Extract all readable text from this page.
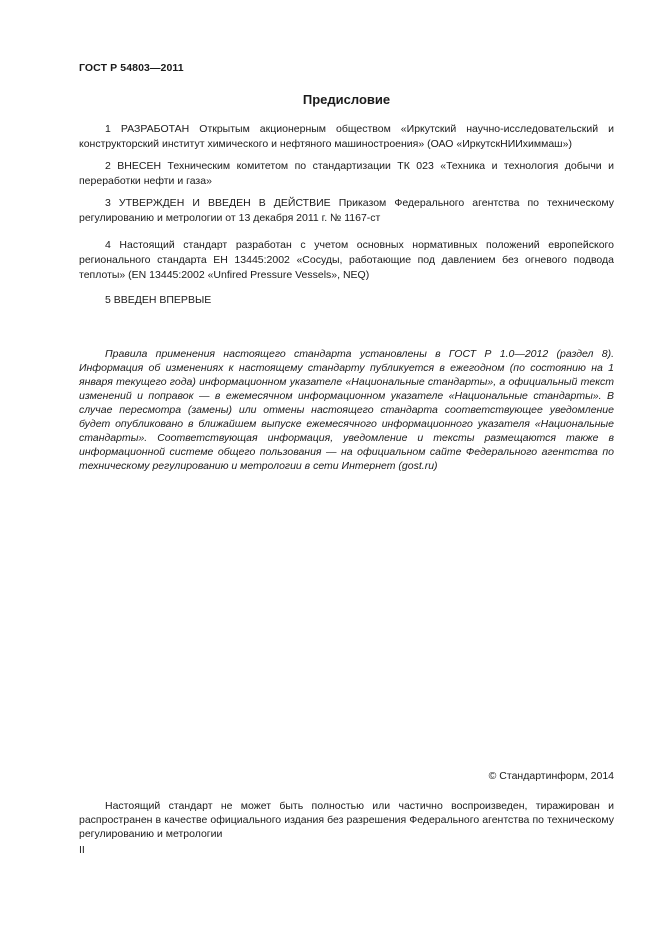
ГОСТ Р 54803—2011
Предисловие

1 РАЗРАБОТАН Открытым акционерным обществом «Иркутский научно-исследовательский и конструкторский институт химического и нефтяного машиностроения» (ОАО «ИркутскНИИхиммаш»)

2 ВНЕСЕН Техническим комитетом по стандартизации ТК 023 «Техника и технология добычи и переработки нефти и газа»

3 УТВЕРЖДЕН И ВВЕДЕН В ДЕЙСТВИЕ Приказом Федерального агентства по техническому регулированию и метрологии от 13 декабря 2011 г. № 1167-ст

4 Настоящий стандарт разработан с учетом основных нормативных положений европейского регионального стандарта ЕН 13445:2002 «Сосуды, работающие под давлением без огневого подвода теплоты» (EN 13445:2002 «Unfired Pressure Vessels», NEQ)

5 ВВЕДЕН ВПЕРВЫЕ

Правила применения настоящего стандарта установлены в ГОСТ Р 1.0—2012 (раздел 8). Информация об изменениях к настоящему стандарту публикуется в ежегодном (по состоянию на 1 января текущего года) информационном указателе «Национальные стандарты», а официальный текст изменений и поправок — в ежемесячном информационном указателе «Национальные стандарты». В случае пересмотра (замены) или отмены настоящего стандарта соответствующее уведомление будет опубликовано в ближайшем выпуске ежемесячного информационного указателя «Национальные стандарты». Соответствующая информация, уведомление и тексты размещаются также в информационной системе общего пользования — на официальном сайте Федерального агентства по техническому регулированию и метрологии в сети Интернет (gost.ru)

© Стандартинформ, 2014

Настоящий стандарт не может быть полностью или частично воспроизведен, тиражирован и распространен в качестве официального издания без разрешения Федерального агентства по техническому регулированию и метрологии

II
